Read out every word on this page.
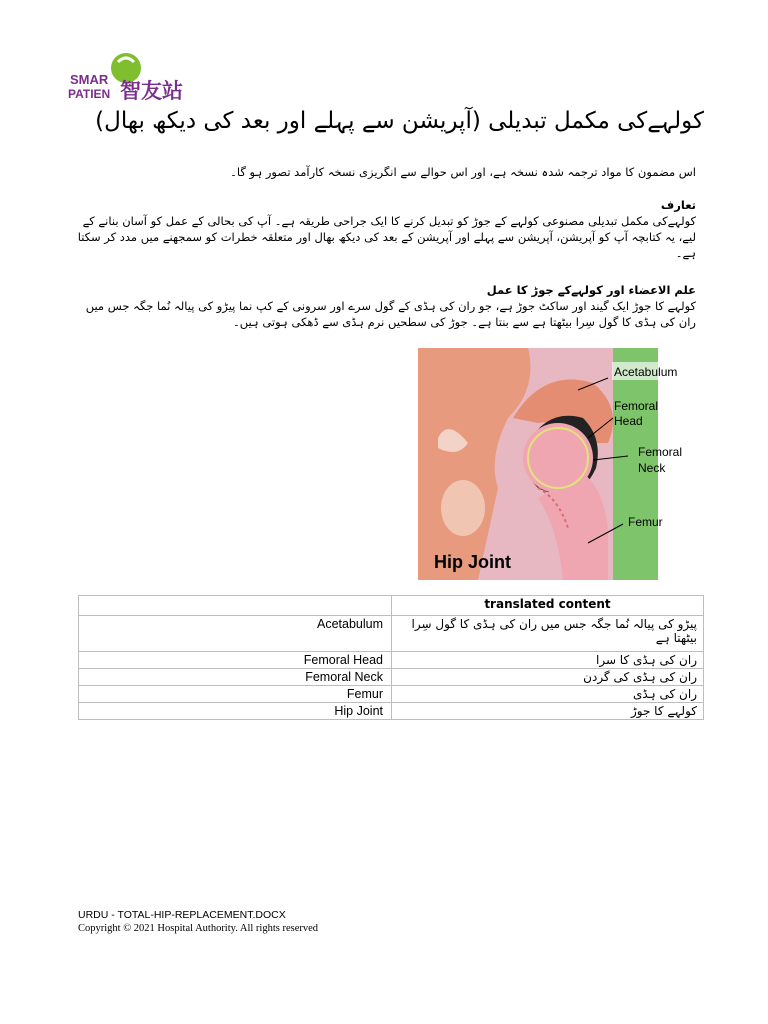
SMAR
PATIEN 智友站
کولہےکی مکمل تبدیلی (آپریشن سے پہلے اور بعد کی دیکھ بھال)

اس مضمون کا مواد ترجمہ شدہ نسخہ ہے، اور اس حوالے سے انگریزی نسخہ کارآمد تصور ہو گا۔

تعارف

کولہےکی مکمل تبدیلی مصنوعی کولہے کے جوڑ کو تبدیل کرنے کا ایک جراحی طریقہ ہے۔ آپ کی بحالی کے عمل کو آسان بنانے کے لیے، یہ کتابچہ آپ کو آپریشن، آپریشن سے پہلے اور آپریشن کے بعد کی دیکھ بھال اور متعلقہ خطرات کو سمجھنے میں مدد کر سکتا ہے۔

علم الاعضاء اور کولہےکے جوڑ کا عمل

کولہے کا جوڑ ایک گیند اور ساکٹ جوڑ ہے، جو ران کی ہڈی کے گول سرے اور سرونی کے کپ نما پیڑو کی پیالہ نُما جگہ جس میں ران کی ہڈی کا گول سِرا بیٹھتا ہے سے بنتا ہے۔ جوڑ کی سطحیں نرم ہڈی سے ڈھکی ہوتی ہیں۔

Acetabulum
Femoral
Head
Femoral
Neck
Femur
Hip Joint
	translated content
Acetabulum	پیڑو کی پیالہ نُما جگہ جس میں ران کی ہڈی کا گول سِرا بیٹھتا ہے
Femoral Head	ران کی ہڈی کا سرا
Femoral Neck	ران کی ہڈی کی گردن
Femur	ران کی ہڈی
Hip Joint	کولہے کا جوڑ
URDU - TOTAL-HIP-REPLACEMENT.DOCX
Copyright © 2021 Hospital Authority. All rights reserved
